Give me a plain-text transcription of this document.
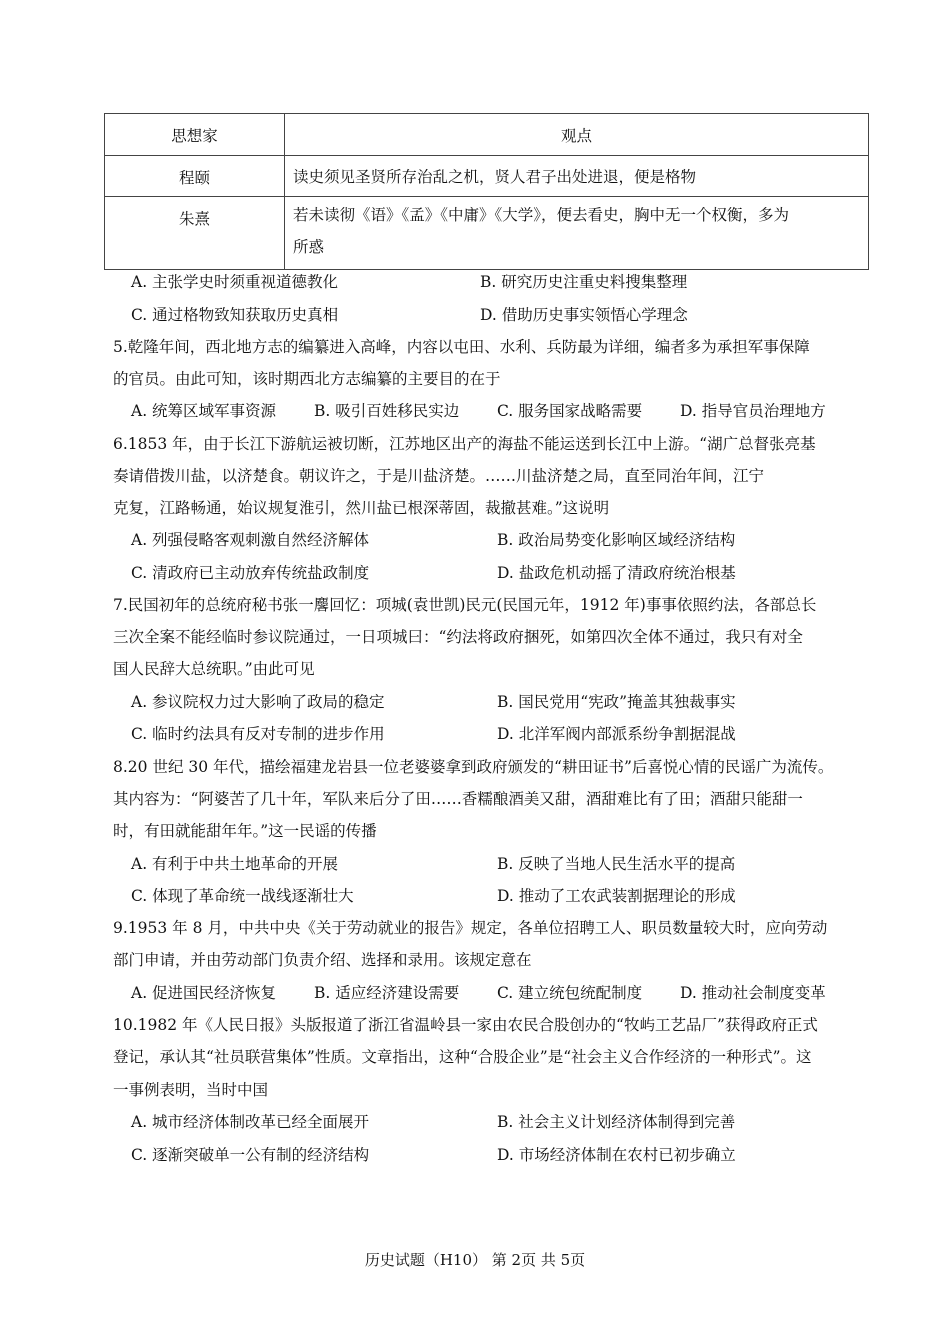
思想家	观点
程颐	读史须见圣贤所存治乱之机，贤人君子出处进退，便是格物
朱熹	若未读彻《语》《孟》《中庸》《大学》，便去看史，胸中无一个权衡，多为
所惑
A. 主张学史时须重视道德教化	B. 研究历史注重史料搜集整理
C. 通过格物致知获取历史真相	D. 借助历史事实领悟心学理念
5.乾隆年间，西北地方志的编纂进入高峰，内容以屯田、水利、兵防最为详细，编者多为承担军事保障
的官员。由此可知，该时期西北方志编纂的主要目的在于
A. 统筹区域军事资源 B. 吸引百姓移民实边 C. 服务国家战略需要 D. 指导官员治理地方
6.1853 年，由于长江下游航运被切断，江苏地区出产的海盐不能运送到长江中上游。“湖广总督张亮基
奏请借拨川盐，以济楚食。朝议许之，于是川盐济楚。……川盐济楚之局，直至同治年间，江宁
克复，江路畅通，始议规复淮引，然川盐已根深蒂固，裁撤甚难。”这说明
A. 列强侵略客观刺激自然经济解体	B. 政治局势变化影响区域经济结构
C. 清政府已主动放弃传统盐政制度	D. 盐政危机动摇了清政府统治根基
7.民国初年的总统府秘书张一麐回忆：项城(袁世凯)民元(民国元年，1912 年)事事依照约法，各部总长
三次全案不能经临时参议院通过，一日项城曰：“约法将政府捆死，如第四次全体不通过，我只有对全
国人民辞大总统职。”由此可见
A. 参议院权力过大影响了政局的稳定	B. 国民党用“宪政”掩盖其独裁事实
C. 临时约法具有反对专制的进步作用	D. 北洋军阀内部派系纷争割据混战
8.20 世纪 30 年代，描绘福建龙岩县一位老婆婆拿到政府颁发的“耕田证书”后喜悦心情的民谣广为流传。
其内容为：“阿婆苦了几十年，军队来后分了田……香糯酿酒美又甜，酒甜难比有了田；酒甜只能甜一
时，有田就能甜年年。”这一民谣的传播
A. 有利于中共土地革命的开展	B. 反映了当地人民生活水平的提高
C. 体现了革命统一战线逐渐壮大	D. 推动了工农武装割据理论的形成
9.1953 年 8 月，中共中央《关于劳动就业的报告》规定，各单位招聘工人、职员数量较大时，应向劳动
部门申请，并由劳动部门负责介绍、选择和录用。该规定意在
A. 促进国民经济恢复 B. 适应经济建设需要 C. 建立统包统配制度 D. 推动社会制度变革
10.1982 年《人民日报》头版报道了浙江省温岭县一家由农民合股创办的“牧屿工艺品厂”获得政府正式
登记，承认其“社员联营集体”性质。文章指出，这种“合股企业”是“社会主义合作经济的一种形式”。这
一事例表明，当时中国
A. 城市经济体制改革已经全面展开	B. 社会主义计划经济体制得到完善
C. 逐渐突破单一公有制的经济结构	D. 市场经济体制在农村已初步确立
历史试题（H10） 第 2页 共 5页
